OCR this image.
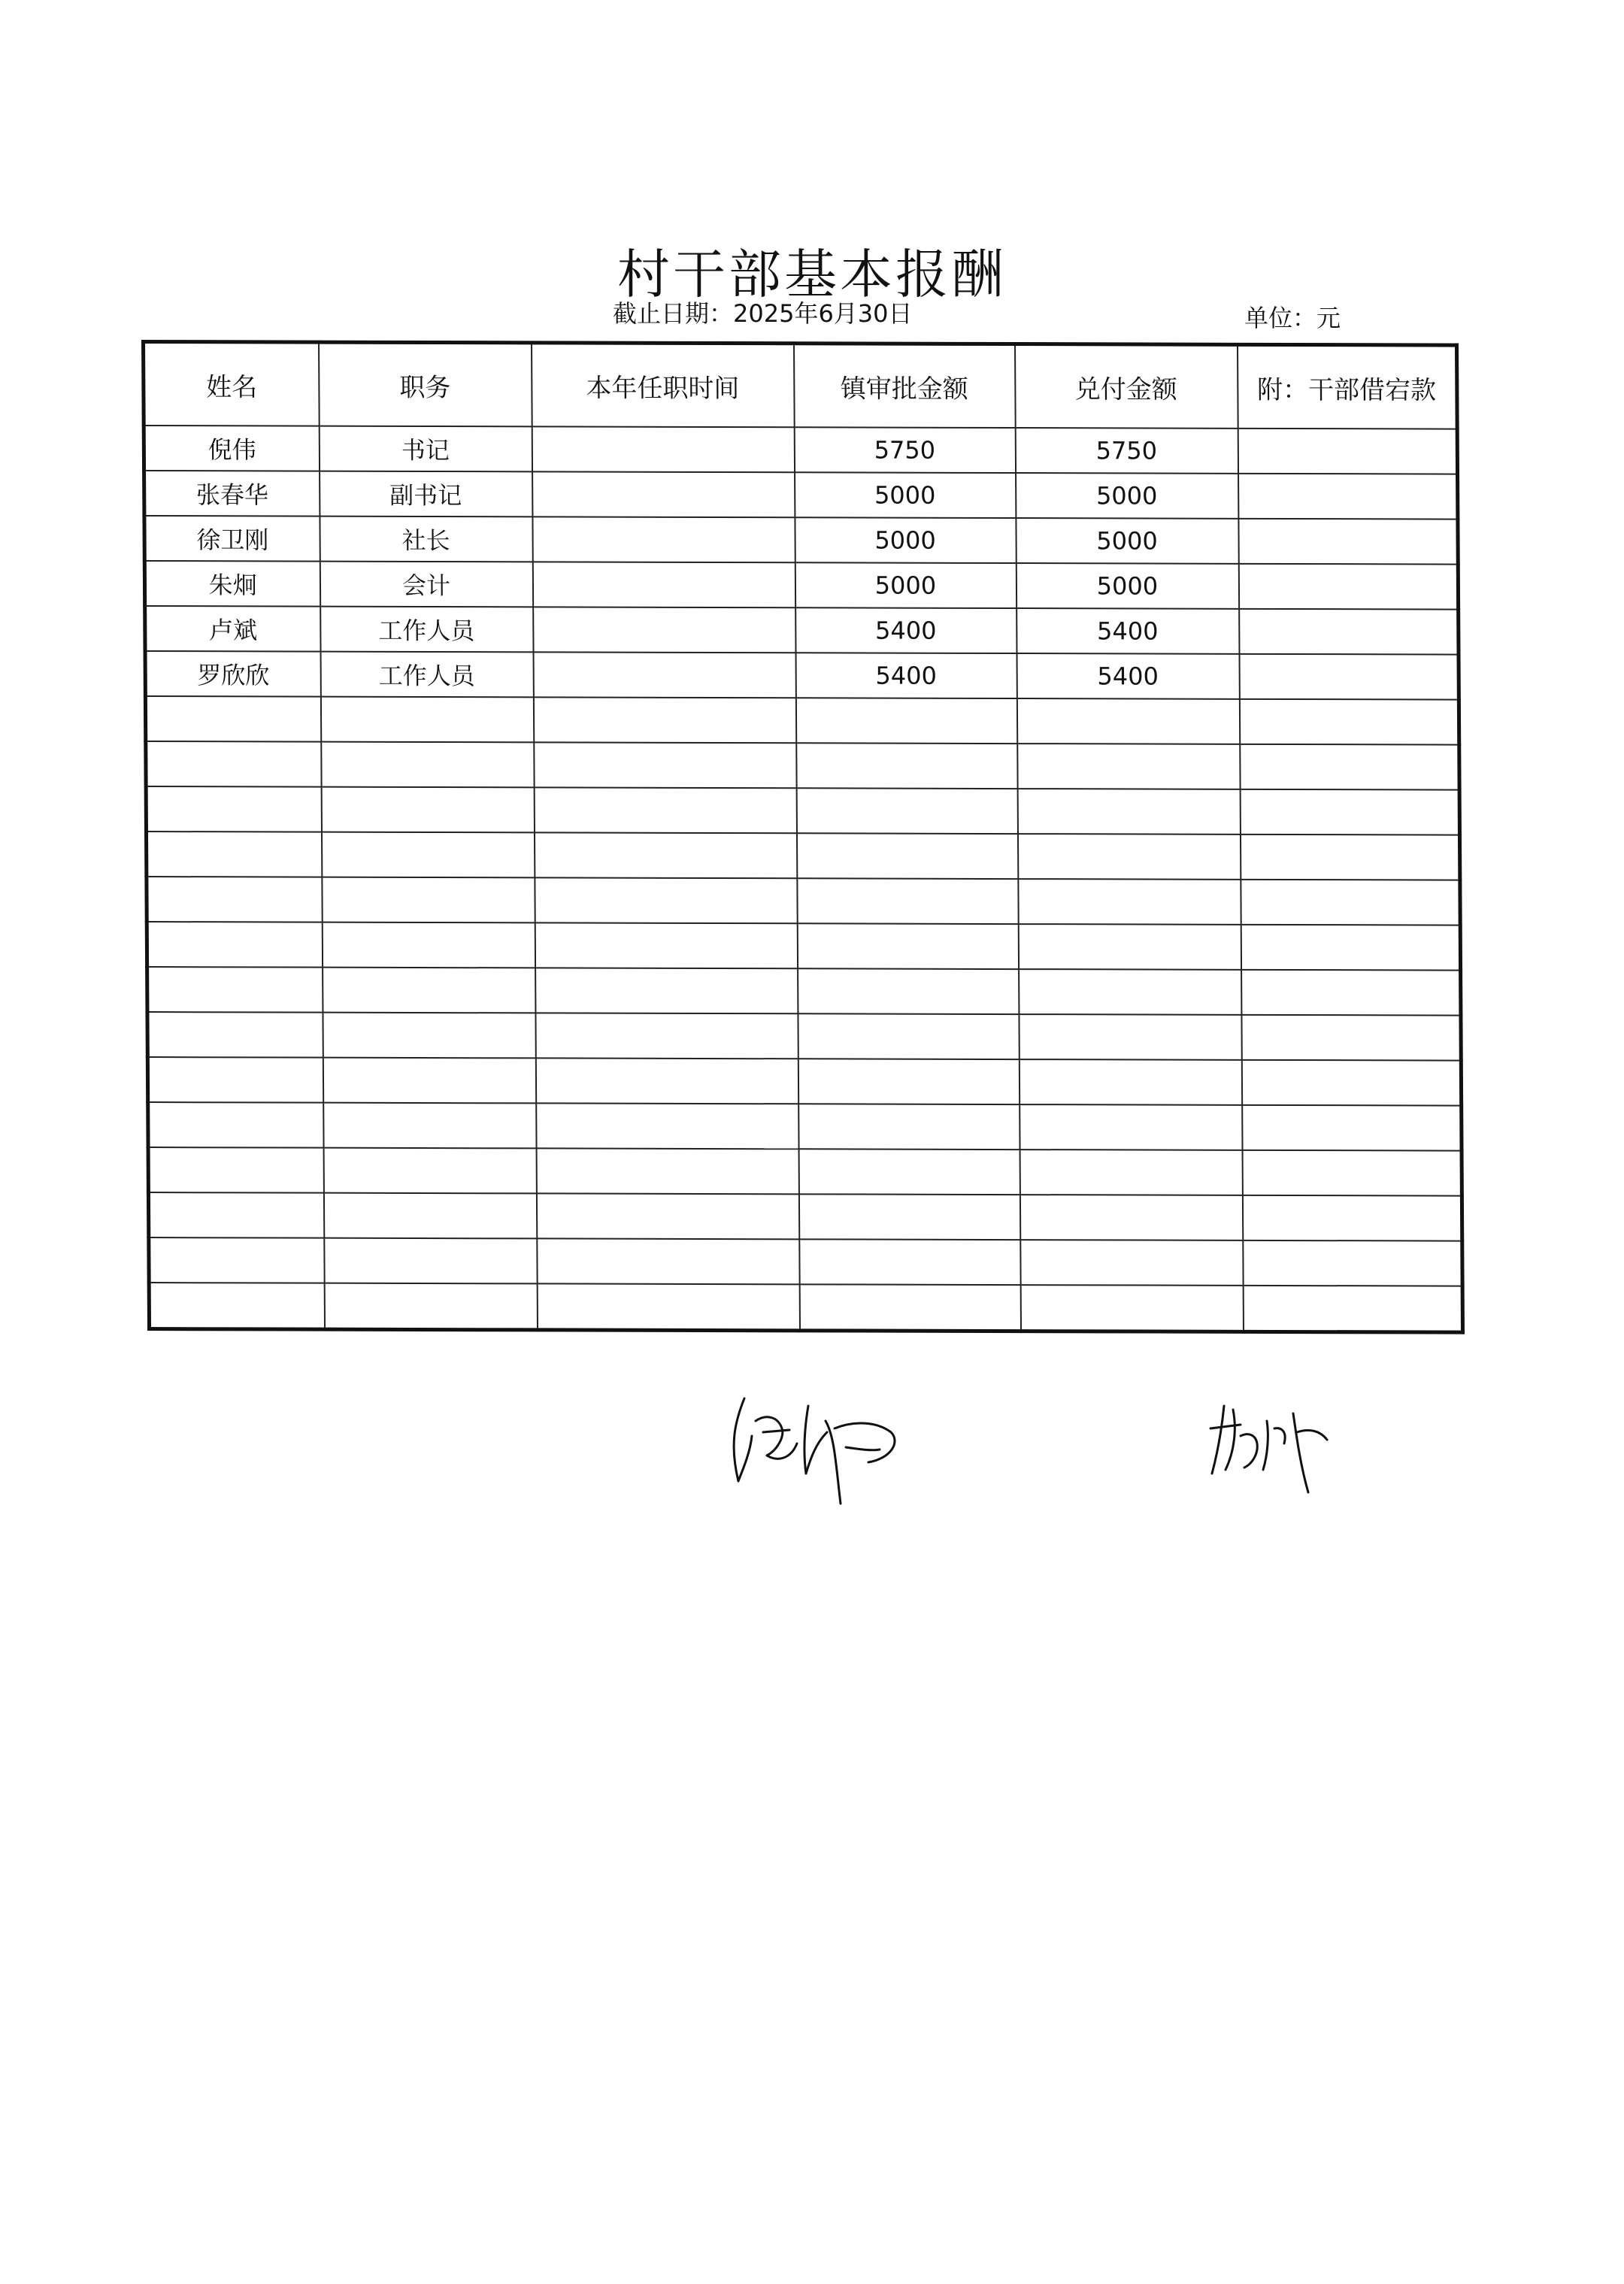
村干部基本报酬
截止日期：2025年6月30日	单位：元
姓名	职务	本年任职时间	镇审批金额	兑付金额	附：干部借宕款
倪伟	书记		5750	5750	
张春华	副书记		5000	5000	
徐卫刚	社长		5000	5000	
朱炯	会计		5000	5000	
卢斌	工作人员		5400	5400	
罗欣欣	工作人员		5400	5400	
